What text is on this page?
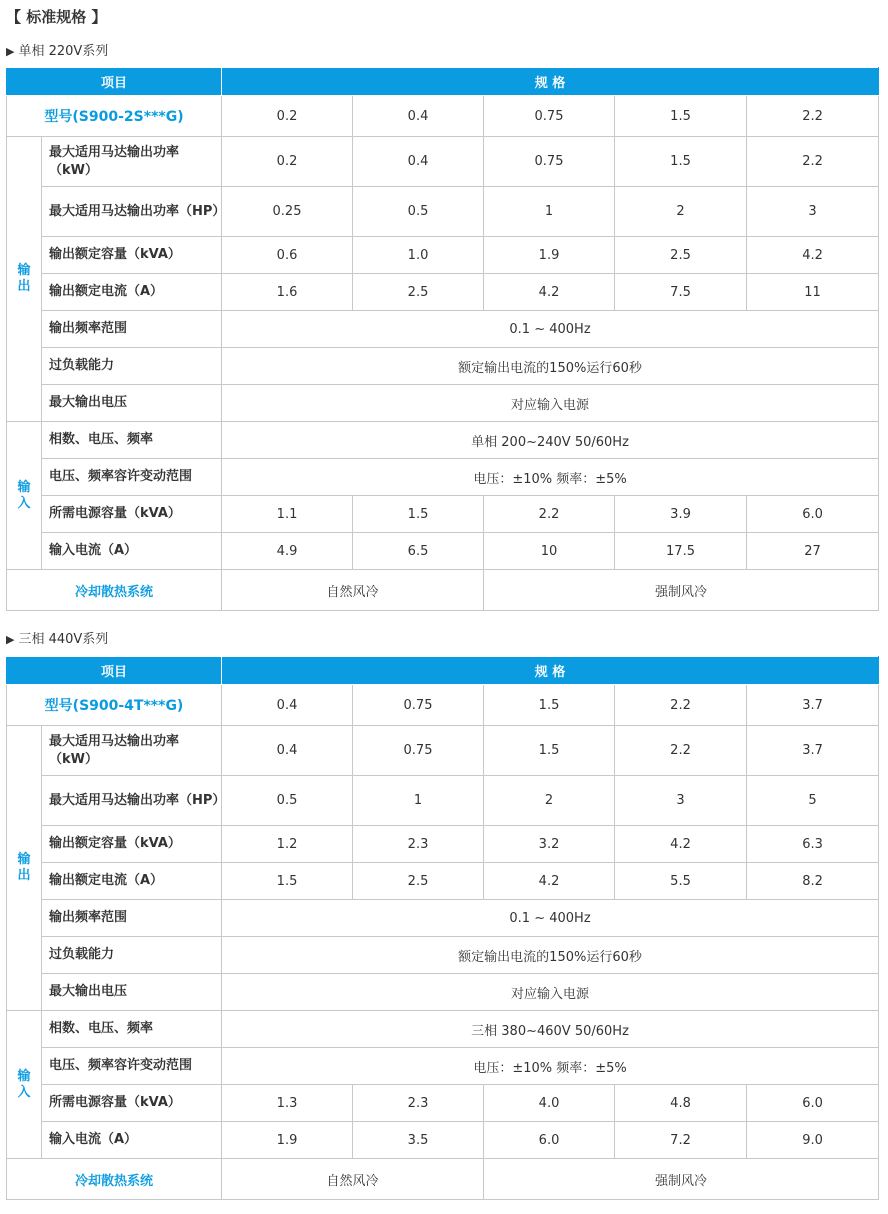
【 标准规格 】
▶ 单相 220V系列
项目		规 格				
型号(S900-2S***G)		0.2	0.4	0.75	1.5	2.2

输出	最大适用马达输出功率（kW）	0.2	0.4	0.75	1.5	2.2
	最大适用马达输出功率（HP）	0.25	0.5	1	2	3
	输出额定容量（kVA）	0.6	1.0	1.9	2.5	4.2
	输出额定电流（A）	1.6	2.5	4.2	7.5	11
	输出频率范围	0.1 ~ 400Hz				
	过负载能力	额定输出电流的150%运行60秒				
	最大输出电压	对应输入电源				

输入	相数、电压、频率	单相 200~240V 50/60Hz				
	电压、频率容许变动范围	电压：±10% 频率：±5%				
	所需电源容量（kVA）	1.1	1.5	2.2	3.9	6.0
	输入电流（A）	4.9	6.5	10	17.5	27
冷却散热系统		自然风冷		强制风冷		
▶ 三相 440V系列
项目		规 格				
型号(S900-4T***G)		0.4	0.75	1.5	2.2	3.7

输出	最大适用马达输出功率（kW）	0.4	0.75	1.5	2.2	3.7
	最大适用马达输出功率（HP）	0.5	1	2	3	5
	输出额定容量（kVA）	1.2	2.3	3.2	4.2	6.3
	输出额定电流（A）	1.5	2.5	4.2	5.5	8.2
	输出频率范围	0.1 ~ 400Hz				
	过负载能力	额定输出电流的150%运行60秒				
	最大输出电压	对应输入电源				

输入	相数、电压、频率	三相 380~460V 50/60Hz				
	电压、频率容许变动范围	电压：±10% 频率：±5%				
	所需电源容量（kVA）	1.3	2.3	4.0	4.8	6.0
	输入电流（A）	1.9	3.5	6.0	7.2	9.0
冷却散热系统		自然风冷		强制风冷		
